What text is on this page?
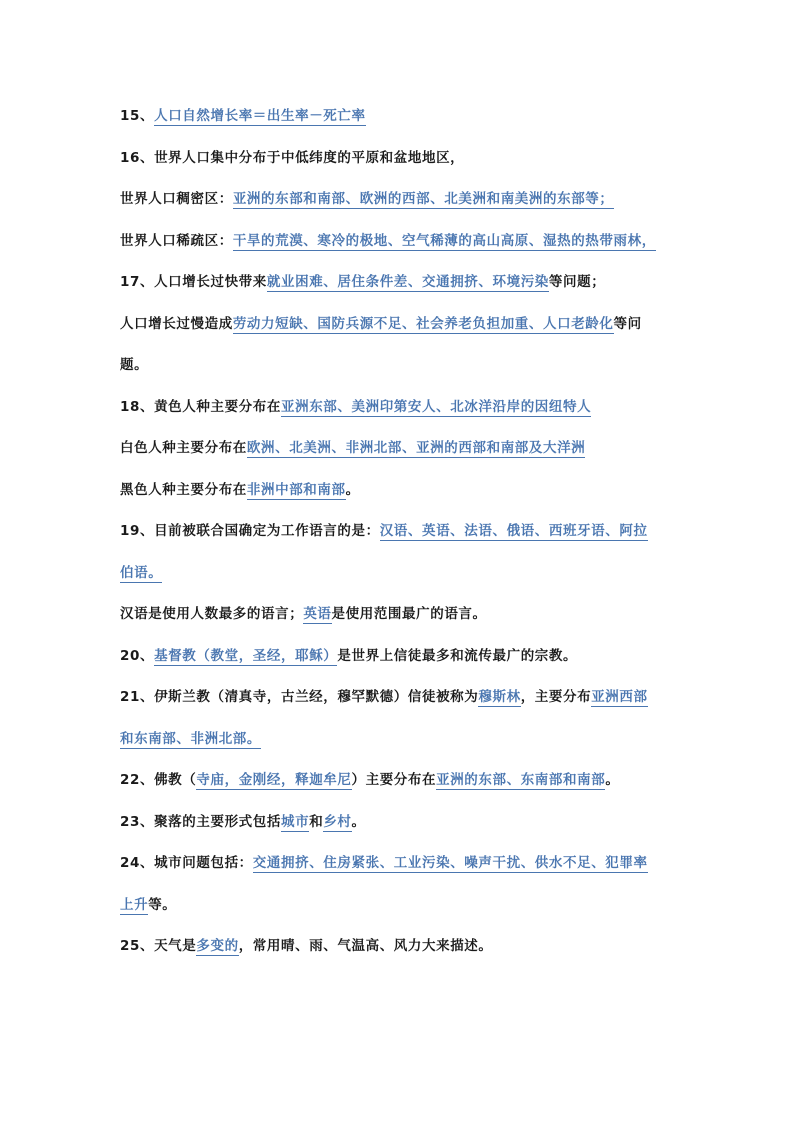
15、人口自然增长率＝出生率－死亡率
16、世界人口集中分布于中低纬度的平原和盆地地区，
世界人口稠密区：亚洲的东部和南部、欧洲的西部、北美洲和南美洲的东部等；
世界人口稀疏区：干旱的荒漠、寒冷的极地、空气稀薄的高山高原、湿热的热带雨林，
17、人口增长过快带来就业困难、居住条件差、交通拥挤、环境污染等问题；
人口增长过慢造成劳动力短缺、国防兵源不足、社会养老负担加重、人口老龄化等问
题。
18、黄色人种主要分布在亚洲东部、美洲印第安人、北冰洋沿岸的因纽特人
白色人种主要分布在欧洲、北美洲、非洲北部、亚洲的西部和南部及大洋洲
黑色人种主要分布在非洲中部和南部。
19、目前被联合国确定为工作语言的是：汉语、英语、法语、俄语、西班牙语、阿拉
伯语。
汉语是使用人数最多的语言；英语是使用范围最广的语言。
20、基督教（教堂，圣经，耶稣）是世界上信徒最多和流传最广的宗教。
21、伊斯兰教（清真寺，古兰经，穆罕默德）信徒被称为穆斯林，主要分布亚洲西部
和东南部、非洲北部。
22、佛教（寺庙，金刚经，释迦牟尼）主要分布在亚洲的东部、东南部和南部。
23、聚落的主要形式包括城市和乡村。
24、城市问题包括：交通拥挤、住房紧张、工业污染、噪声干扰、供水不足、犯罪率
上升等。
25、天气是多变的，常用晴、雨、气温高、风力大来描述。
